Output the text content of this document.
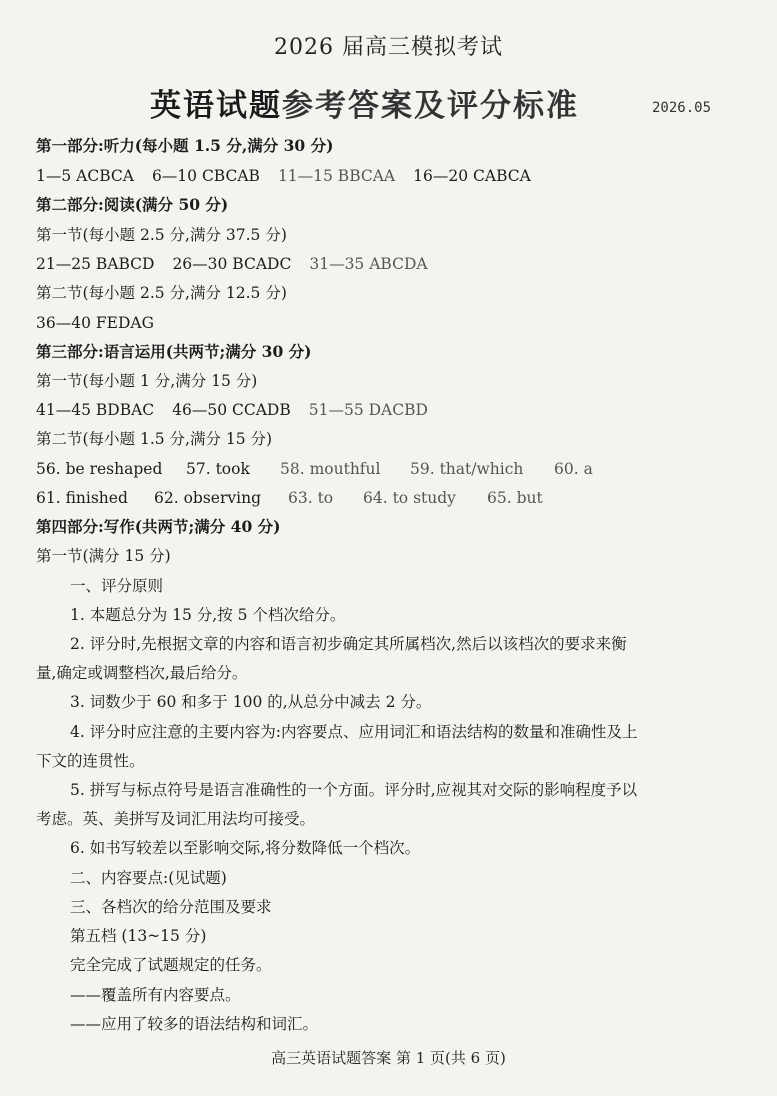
2026 届高三模拟考试
英语试题参考答案及评分标准	2026.05
第一部分:听力(每小题 1.5 分,满分 30 分)
1—5 ACBCA 6—10 CBCAB 11—15 BBCAA 16—20 CABCA
第二部分:阅读(满分 50 分)
第一节(每小题 2.5 分,满分 37.5 分)
21—25 BABCD 26—30 BCADC 31—35 ABCDA
第二节(每小题 2.5 分,满分 12.5 分)
36—40 FEDAG
第三部分:语言运用(共两节;满分 30 分)
第一节(每小题 1 分,满分 15 分)
41—45 BDBAC 46—50 CCADB 51—55 DACBD
第二节(每小题 1.5 分,满分 15 分)
56. be reshaped 57. took 58. mouthful 59. that/which 60. a
61. finished 62. observing 63. to 64. to study 65. but
第四部分:写作(共两节;满分 40 分)
第一节(满分 15 分)
一、评分原则
1. 本题总分为 15 分,按 5 个档次给分。
2. 评分时,先根据文章的内容和语言初步确定其所属档次,然后以该档次的要求来衡
量,确定或调整档次,最后给分。
3. 词数少于 60 和多于 100 的,从总分中减去 2 分。
4. 评分时应注意的主要内容为:内容要点、应用词汇和语法结构的数量和准确性及上
下文的连贯性。
5. 拼写与标点符号是语言准确性的一个方面。评分时,应视其对交际的影响程度予以
考虑。英、美拼写及词汇用法均可接受。
6. 如书写较差以至影响交际,将分数降低一个档次。
二、内容要点:(见试题)
三、各档次的给分范围及要求
第五档 (13~15 分)
完全完成了试题规定的任务。
——覆盖所有内容要点。
——应用了较多的语法结构和词汇。
高三英语试题答案 第 1 页(共 6 页)
